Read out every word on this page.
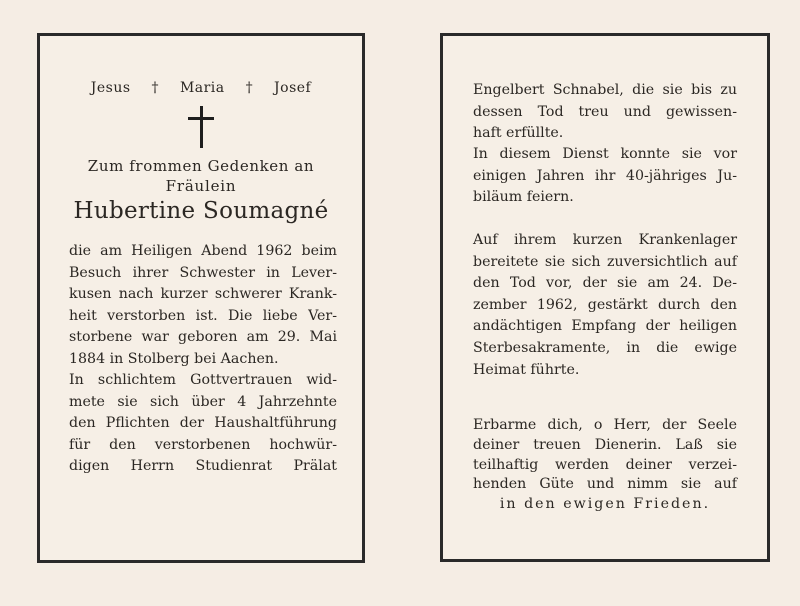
Jesus † Maria † Josef
Zum frommen Gedenken an
Fräulein
Hubertine Soumagné
die am Heiligen Abend 1962 beim
Besuch ihrer Schwester in Lever-
kusen nach kurzer schwerer Krank-
heit verstorben ist. Die liebe Ver-
storbene war geboren am 29. Mai
1884 in Stolberg bei Aachen.
In schlichtem Gottvertrauen wid-
mete sie sich über 4 Jahrzehnte
den Pflichten der Haushaltführung
für den verstorbenen hochwür-
digen Herrn Studienrat Prälat
Engelbert Schnabel, die sie bis zu
dessen Tod treu und gewissen-
haft erfüllte.
In diesem Dienst konnte sie vor
einigen Jahren ihr 40-jähriges Ju-
biläum feiern.
Auf ihrem kurzen Krankenlager
bereitete sie sich zuversichtlich auf
den Tod vor, der sie am 24. De-
zember 1962, gestärkt durch den
andächtigen Empfang der heiligen
Sterbesakramente, in die ewige
Heimat führte.
Erbarme dich, o Herr, der Seele
deiner treuen Dienerin. Laß sie
teilhaftig werden deiner verzei-
henden Güte und nimm sie auf
in den ewigen Frieden.
